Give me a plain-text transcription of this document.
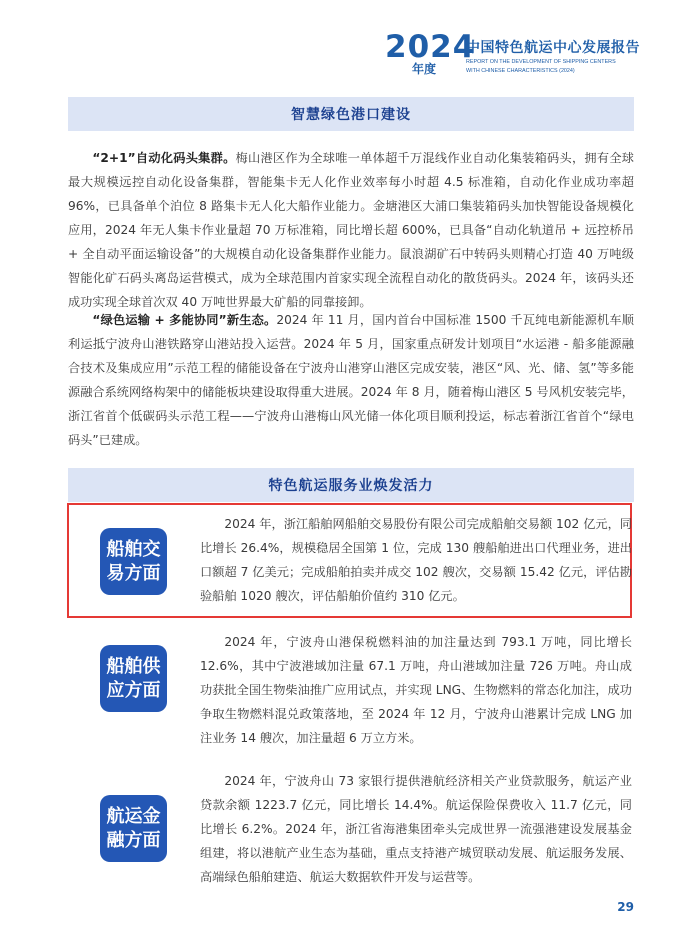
2024
年度
中国特色航运中心发展报告
REPORT ON THE DEVELOPMENT OF SHIPPING CENTERS
WITH CHINESE CHARACTERISTICS (2024)
智慧绿色港口建设

“2+1”自动化码头集群。梅山港区作为全球唯一单体超千万混线作业自动化集装箱码头，拥有全球最大规模远控自动化设备集群，智能集卡无人化作业效率每小时超 4.5 标准箱，自动化作业成功率超 96%，已具备单个泊位 8 路集卡无人化大船作业能力。金塘港区大浦口集装箱码头加快智能设备规模化应用，2024 年无人集卡作业量超 70 万标准箱，同比增长超 600%，已具备“自动化轨道吊 + 远控桥吊 + 全自动平面运输设备”的大规模自动化设备集群作业能力。鼠浪湖矿石中转码头则精心打造 40 万吨级智能化矿石码头离岛运营模式，成为全球范围内首家实现全流程自动化的散货码头。2024 年，该码头还成功实现全球首次双 40 万吨世界最大矿船的同靠接卸。

“绿色运输 + 多能协同”新生态。2024 年 11 月，国内首台中国标准 1500 千瓦纯电新能源机车顺利运抵宁波舟山港铁路穿山港站投入运营。2024 年 5 月，国家重点研发计划项目“水运港 - 船多能源融合技术及集成应用”示范工程的储能设备在宁波舟山港穿山港区完成安装，港区“风、光、储、氢”等多能源融合系统网络构架中的储能板块建设取得重大进展。2024 年 8 月，随着梅山港区 5 号风机安装完毕，浙江省首个低碳码头示范工程——宁波舟山港梅山风光储一体化项目顺利投运，标志着浙江省首个“绿电码头”已建成。

特色航运服务业焕发活力
船舶交易方面

2024 年，浙江船舶网船舶交易股份有限公司完成船舶交易额 102 亿元，同比增长 26.4%，规模稳居全国第 1 位，完成 130 艘船舶进出口代理业务，进出口额超 7 亿美元；完成船舶拍卖并成交 102 艘次，交易额 15.42 亿元，评估勘验船舶 1020 艘次，评估船舶价值约 310 亿元。

船舶供应方面

2024 年，宁波舟山港保税燃料油的加注量达到 793.1 万吨，同比增长 12.6%，其中宁波港域加注量 67.1 万吨，舟山港域加注量 726 万吨。舟山成功获批全国生物柴油推广应用试点，并实现 LNG、生物燃料的常态化加注，成功争取生物燃料混兑政策落地，至 2024 年 12 月，宁波舟山港累计完成 LNG 加注业务 14 艘次，加注量超 6 万立方米。

航运金融方面

2024 年，宁波舟山 73 家银行提供港航经济相关产业贷款服务，航运产业贷款余额 1223.7 亿元，同比增长 14.4%。航运保险保费收入 11.7 亿元，同比增长 6.2%。2024 年，浙江省海港集团牵头完成世界一流强港建设发展基金组建，将以港航产业生态为基础，重点支持港产城贸联动发展、航运服务发展、高端绿色船舶建造、航运大数据软件开发与运营等。

29
